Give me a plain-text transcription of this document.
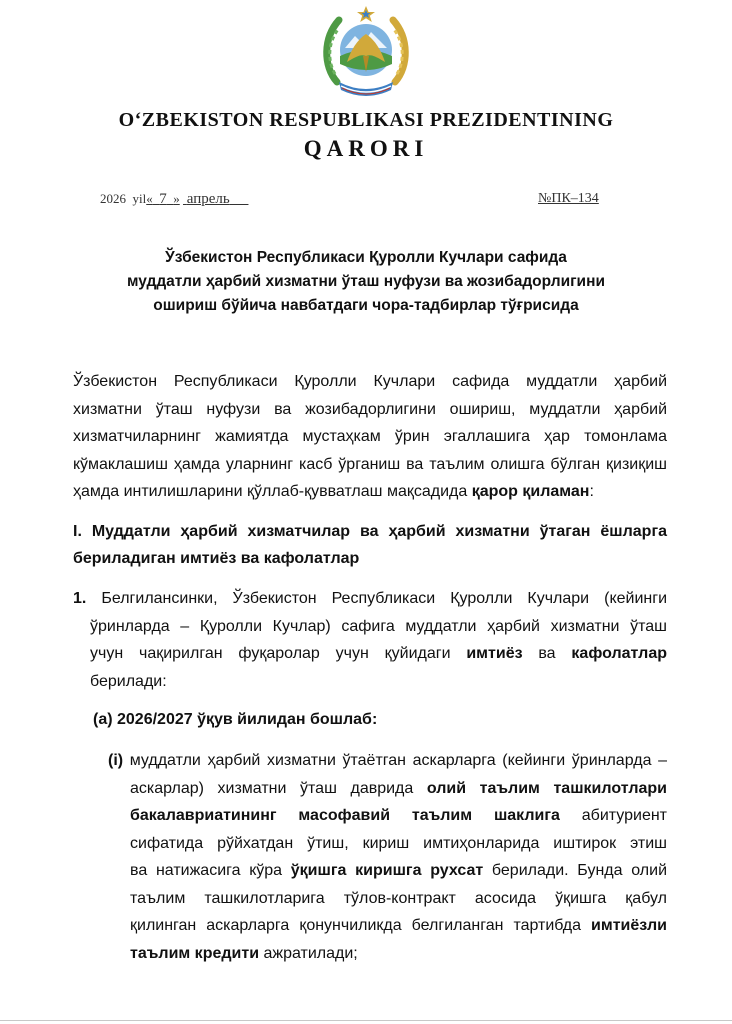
O‘ZBEKISTON RESPUBLIKASI PREZIDENTINING
QARORI
2026 yil« 7 » апрель	№ПК–134
Ўзбекистон Республикаси Қуролли Кучлари сафида
муддатли ҳарбий хизматни ўташ нуфузи ва жозибадорлигини
ошириш бўйича навбатдаги чора-тадбирлар тўғрисида
Ўзбекистон Республикаси Қуролли Кучлари сафида муддатли ҳарбий
хизматни ўташ нуфузи ва жозибадорлигини ошириш, муддатли ҳарбий
хизматчиларнинг жамиятда мустаҳкам ўрин эгаллашига ҳар томонлама
кўмаклашиш ҳамда уларнинг касб ўрганиш ва таълим олишга бўлган қизиқиш
ҳамда интилишларини қўллаб-қувватлаш мақсадида қарор қиламан:
I. Муддатли ҳарбий хизматчилар ва ҳарбий хизматни ўтаган ёшларга
бериладиган имтиёз ва кафолатлар
1. Белгилансинки, Ўзбекистон Республикаси Қуролли Кучлари (кейинги
ўринларда – Қуролли Кучлар) сафига муддатли ҳарбий хизматни ўташ
учун чақирилган фуқаролар учун қуйидаги имтиёз ва кафолатлар
берилади:
(а) 2026/2027 ўқув йилидан бошлаб:
(i) муддатли ҳарбий хизматни ўтаётган аскарларга (кейинги ўринларда –
аскарлар) хизматни ўташ даврида олий таълим ташкилотлари
бакалавриатининг масофавий таълим шаклига абитуриент
сифатида рўйхатдан ўтиш, кириш имтиҳонларида иштирок этиш
ва натижасига кўра ўқишга киришга рухсат берилади. Бунда олий
таълим ташкилотларига тўлов-контракт асосида ўқишга қабул
қилинган аскарларга қонунчиликда белгиланган тартибда имтиёзли
таълим кредити ажратилади;
